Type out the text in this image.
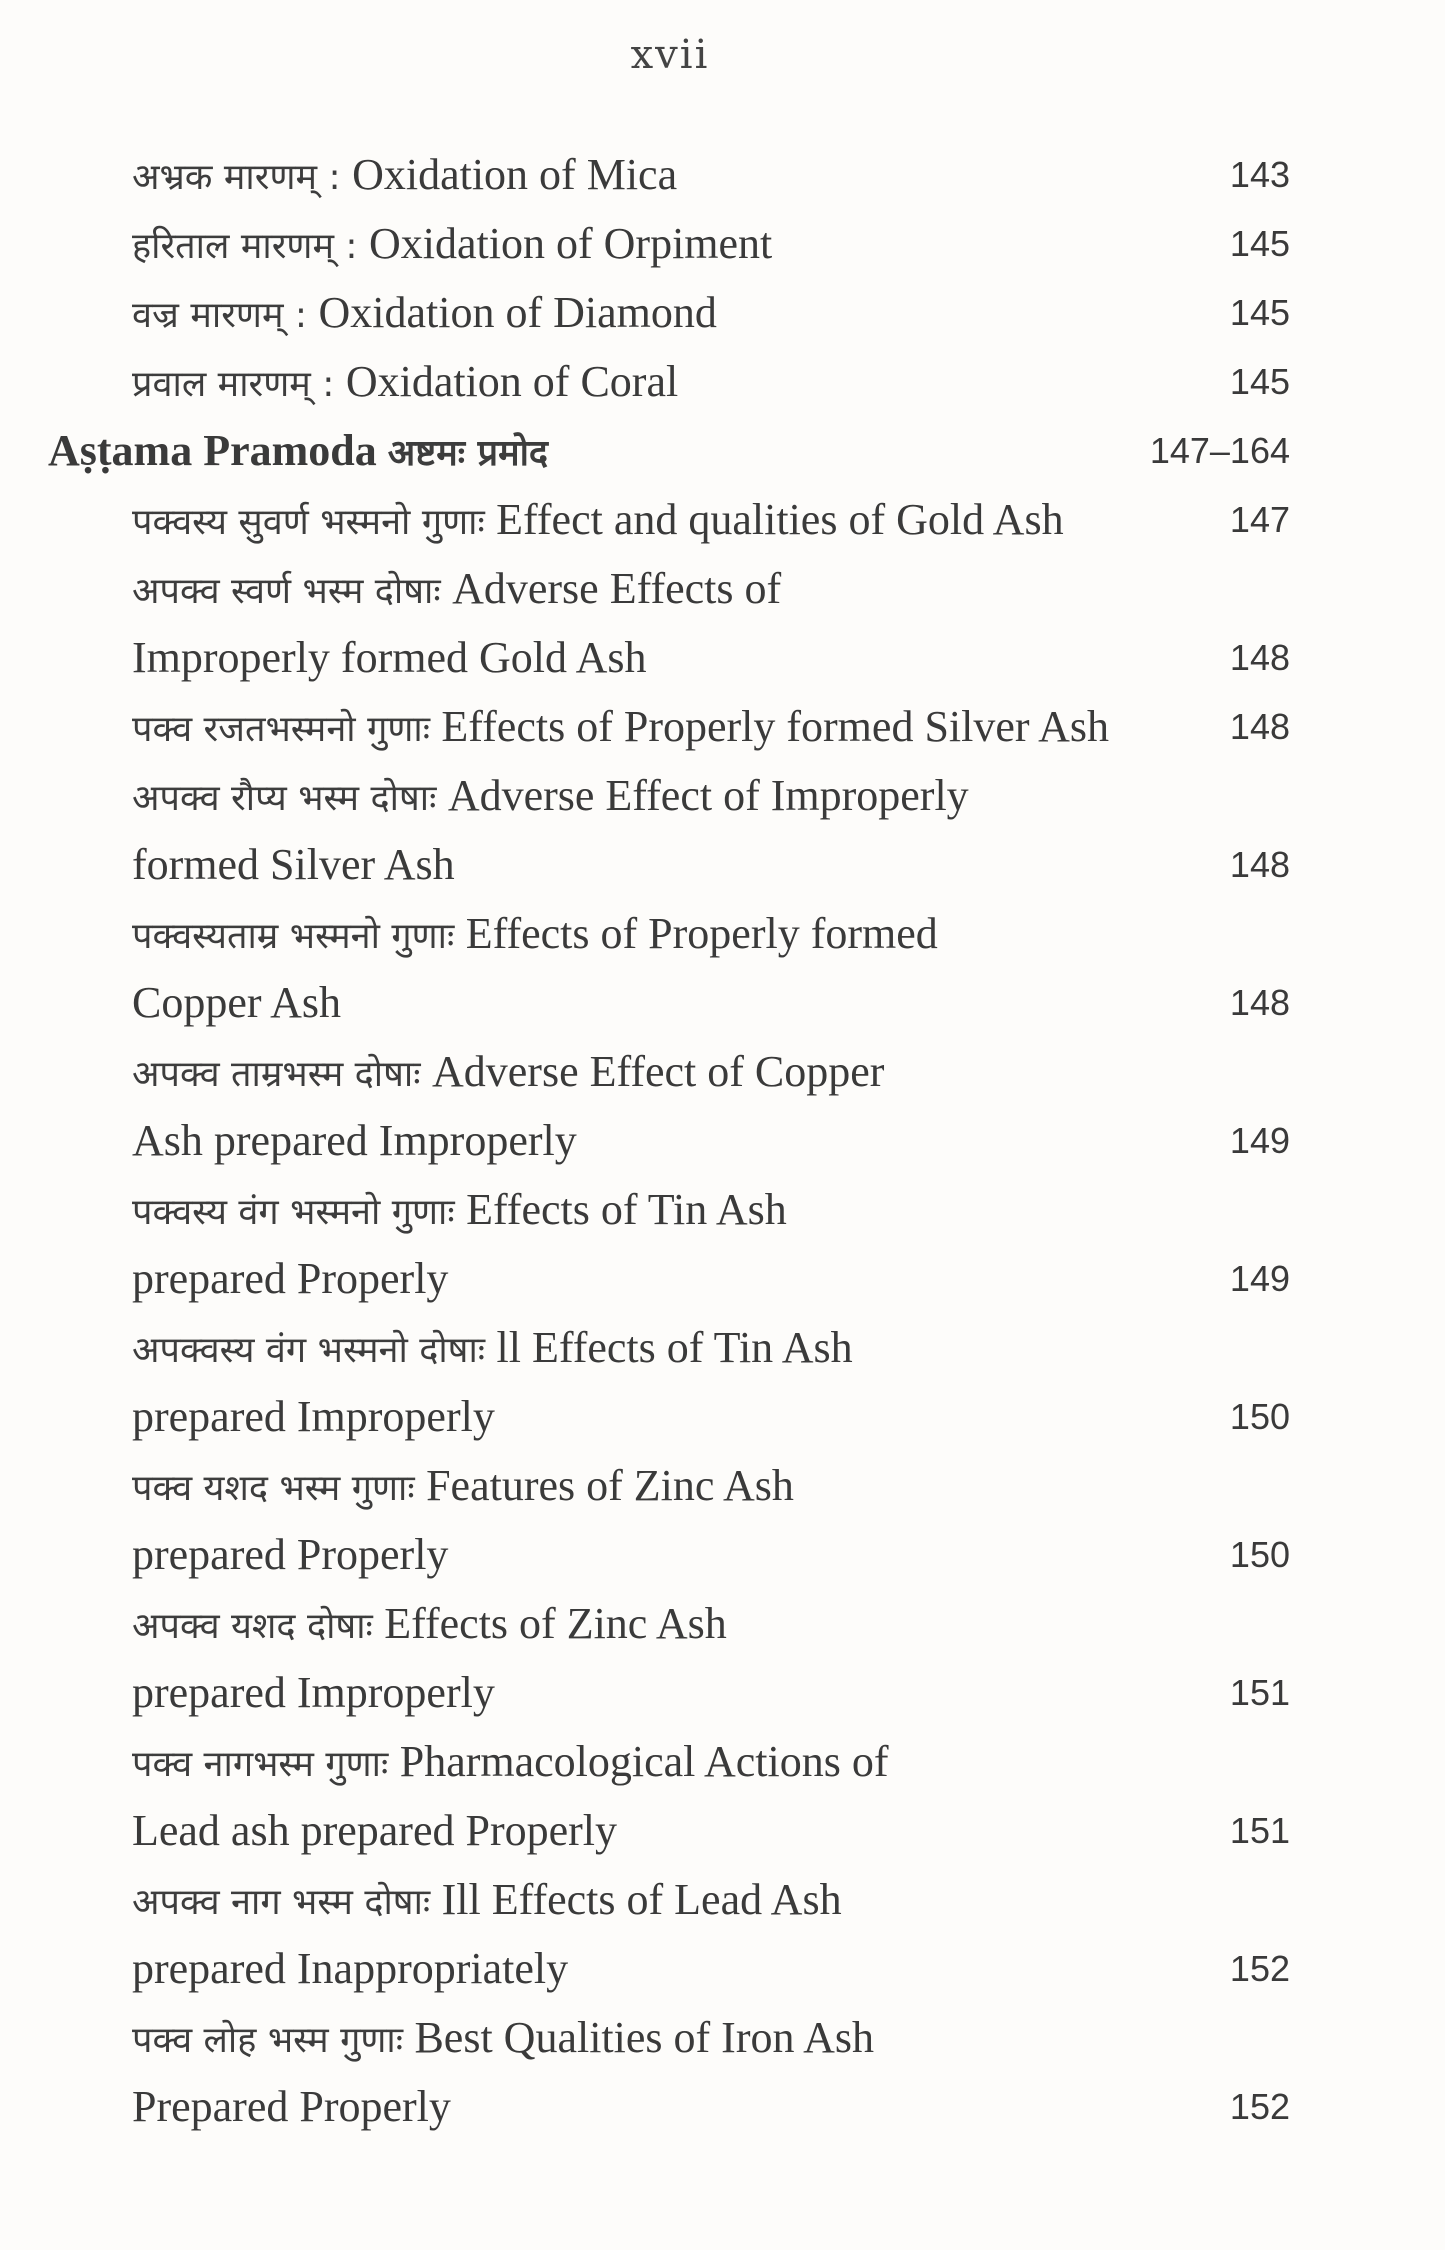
xvii
अभ्रक मारणम् : Oxidation of Mica	143
हरिताल मारणम् : Oxidation of Orpiment	145
वज्र मारणम् : Oxidation of Diamond	145
प्रवाल मारणम् : Oxidation of Coral	145
Aṣṭama Pramoda अष्टमः प्रमोद	147–164
पक्वस्य सुवर्ण भस्मनो गुणाः Effect and qualities of Gold Ash	147
अपक्व स्वर्ण भस्म दोषाः Adverse Effects of
Improperly formed Gold Ash	148
पक्व रजतभस्मनो गुणाः Effects of Properly formed Silver Ash	148
अपक्व रौप्य भस्म दोषाः Adverse Effect of Improperly
formed Silver Ash	148
पक्वस्यताम्र भस्मनो गुणाः Effects of Properly formed
Copper Ash	148
अपक्व ताम्रभस्म दोषाः Adverse Effect of Copper
Ash prepared Improperly	149
पक्वस्य वंग भस्मनो गुणाः Effects of Tin Ash
prepared Properly	149
अपक्वस्य वंग भस्मनो दोषाः ll Effects of Tin Ash
prepared Improperly	150
पक्व यशद भस्म गुणाः Features of Zinc Ash
prepared Properly	150
अपक्व यशद दोषाः Effects of Zinc Ash
prepared Improperly	151
पक्व नागभस्म गुणाः Pharmacological Actions of
Lead ash prepared Properly	151
अपक्व नाग भस्म दोषाः Ill Effects of Lead Ash
prepared Inappropriately	152
पक्व लोह भस्म गुणाः Best Qualities of Iron Ash
Prepared Properly	152
